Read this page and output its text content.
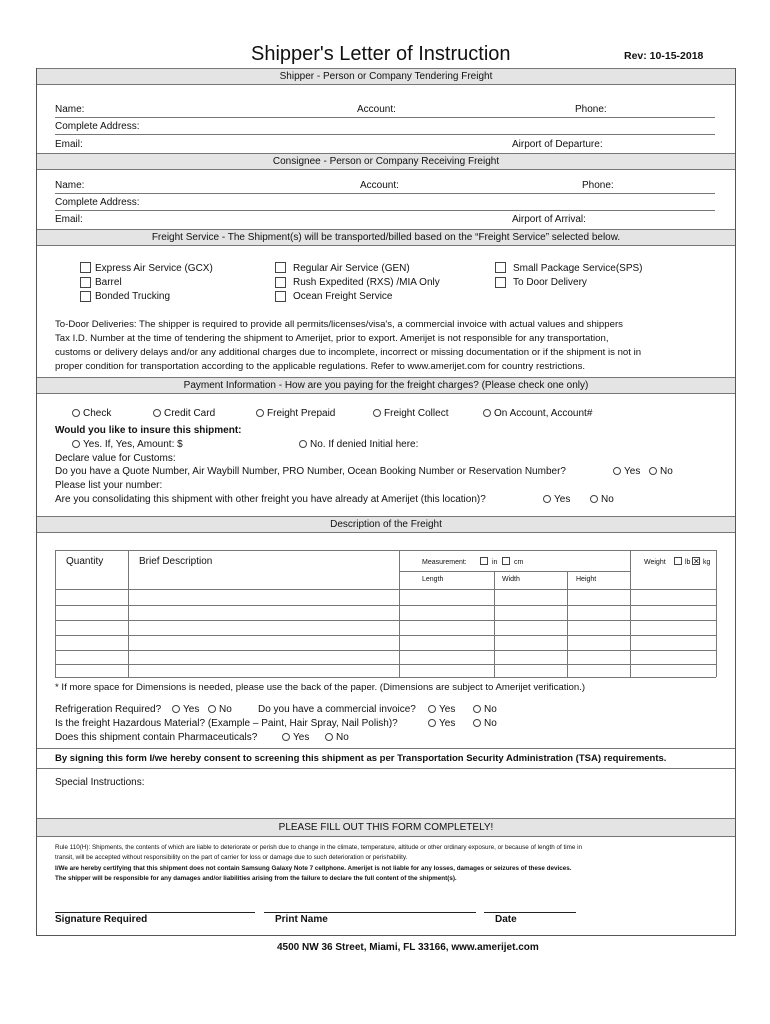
Shipper's Letter of Instruction	Rev: 10-15-2018
Shipper - Person or Company Tendering Freight
Name:	Account:	Phone:
Complete Address:
Email:	Airport of Departure:
Consignee - Person or Company Receiving Freight
Name:	Account:	Phone:
Complete Address:
Email:	Airport of Arrival:
Freight Service - The Shipment(s) will be transported/billed based on the “Freight Service” selected below.
Express Air Service (GCX)
Barrel
Bonded Trucking
Regular Air Service (GEN)
Rush Expedited (RXS) /MIA Only
Ocean Freight Service
Small Package Service(SPS)
To Door Delivery
To-Door Deliveries: The shipper is required to provide all permits/licenses/visa's, a commercial invoice with actual values and shippers
Tax I.D. Number at the time of tendering the shipment to Amerijet, prior to export. Amerijet is not responsible for any transportation,
customs or delivery delays and/or any additional charges due to incomplete, incorrect or missing documentation or if the shipment is not in
proper condition for transportation according to the applicable regulations. Refer to www.amerijet.com for country restrictions.
Payment Information - How are you paying for the freight charges? (Please check one only)
Check	Credit Card	Freight Prepaid	Freight Collect	On Account, Account#
Would you like to insure this shipment:
Yes. If, Yes, Amount: $	No. If denied Initial here:
Declare value for Customs:
Do you have a Quote Number, Air Waybill Number, PRO Number, Ocean Booking Number or Reservation Number?	Yes	No
Please list your number:
Are you consolidating this shipment with other freight you have already at Amerijet (this location)?	Yes	No
Description of the Freight
Quantity	Brief Description	Measurement:	in cm	Weight	lb ✕ kg
Length	Width	Height
* If more space for Dimensions is needed, please use the back of the paper. (Dimensions are subject to Amerijet verification.)
Refrigeration Required?	Yes	No	Do you have a commercial invoice?	Yes	No
Is the freight Hazardous Material? (Example – Paint, Hair Spray, Nail Polish)?	Yes	No
Does this shipment contain Pharmaceuticals?	Yes	No
By signing this form I/we hereby consent to screening this shipment as per Transportation Security Administration (TSA) requirements.
Special Instructions:
PLEASE FILL OUT THIS FORM COMPLETELY!
Rule 110(H): Shipments, the contents of which are liable to deteriorate or perish due to change in the climate, temperature, altitude or other ordinary exposure, or because of length of time in
transit, will be accepted without responsibility on the part of carrier for loss or damage due to such deterioration or perishability.
I/We are hereby certifying that this shipment does not contain Samsung Galaxy Note 7 cellphone. Amerijet is not liable for any losses, damages or seizures of these devices.
The shipper will be responsible for any damages and/or liabilities arising from the failure to declare the full content of the shipment(s).
Signature Required	Print Name	Date
4500 NW 36 Street, Miami, FL 33166, www.amerijet.com
